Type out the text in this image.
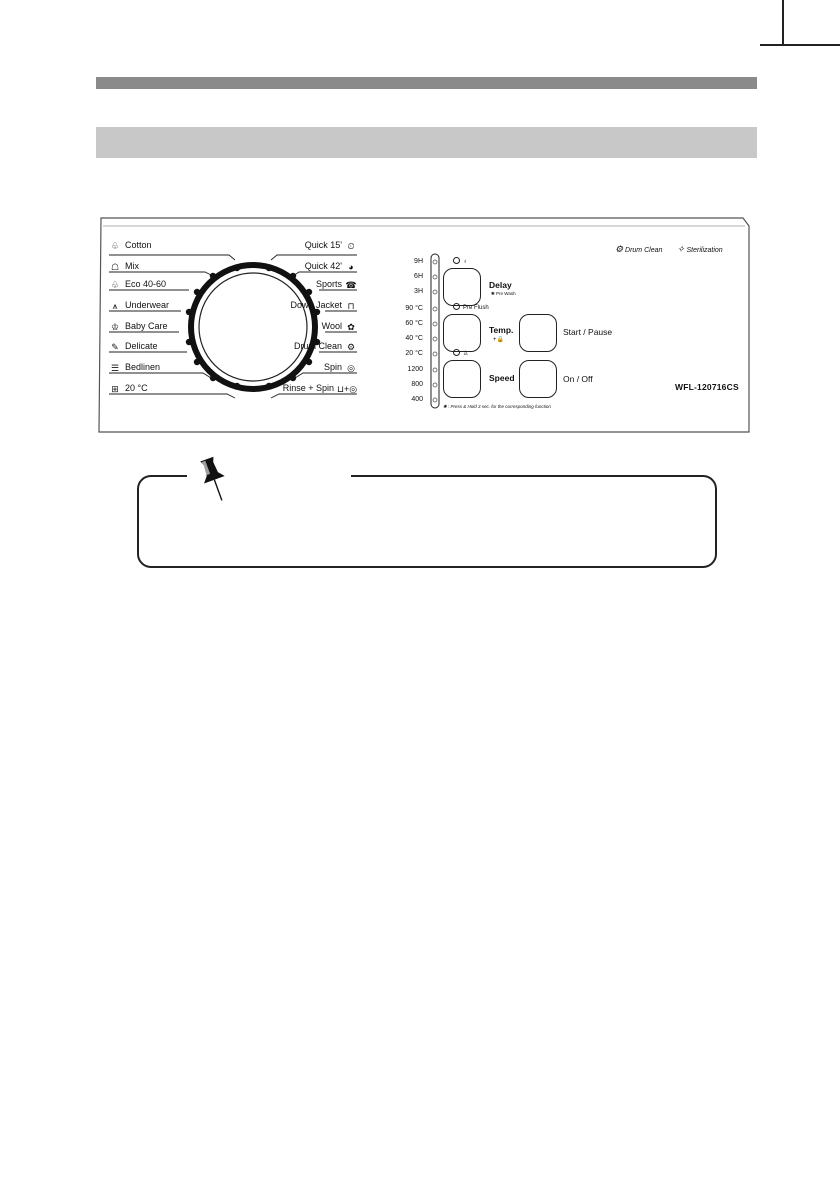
♧ Cotton
☖ Mix
♧ Eco 40-60
⩚ Underwear
♔ Baby Care
✎ Delicate
☰ Bedlinen
⊞ 20 °C
Quick 15' ⏲
Quick 42' ◕
Sports ☎
Down Jacket ⊓
Wool ✿
Drum Clean ⚙
Spin ◎
Rinse + Spin ⊔+◎
9H
6H
3H
90 °C
60 °C
40 °C
20 °C
1200
800
400
♁
Pre Flush
♙
Delay
✱ Pre Wash
Temp.
+🔒
Speed
Start / Pause
On / Off
⚙ Drum Clean ✧ Sterilization
✱ : Press & Hold 3 sec. for the corresponding function
WFL-120716CS
